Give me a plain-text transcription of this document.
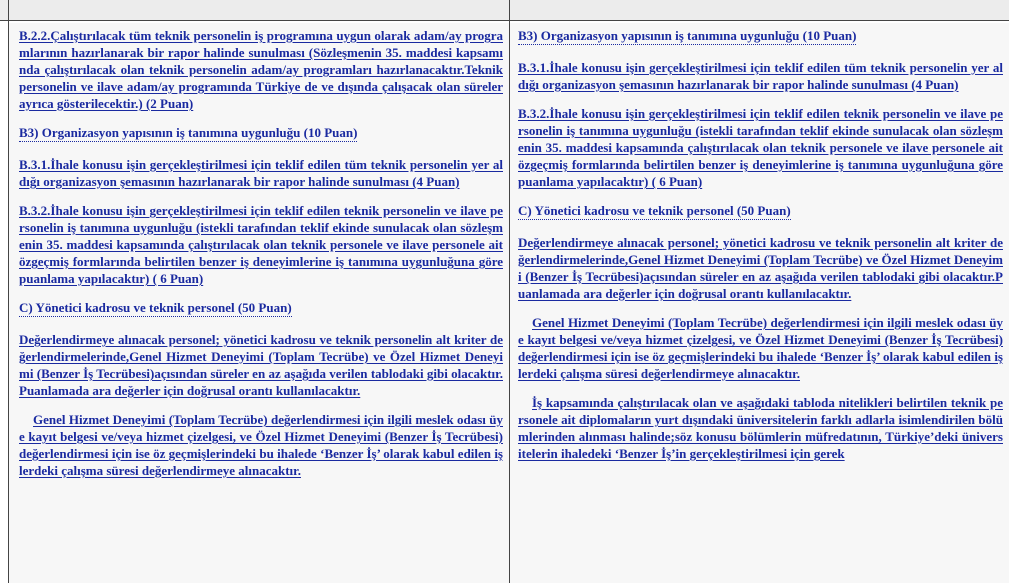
B.2.2.Çalıştırılacak tüm teknik personelin iş programına uygun olarak adam/ay programlarının hazırlanarak bir rapor halinde sunulması (Sözleşmenin 35. maddesi kapsamında çalıştırılacak olan teknik personelin adam/ay programları hazırlanacaktır.Teknik personelin ve ilave adam/ay programında Türkiye de ve dışında çalışacak olan süreler ayrıca gösterilecektir.) (2 Puan)

B3) Organizasyon yapısının iş tanımına uygunluğu (10 Puan)

B.3.1.İhale konusu işin gerçekleştirilmesi için teklif edilen tüm teknik personelin yer aldığı organizasyon şemasının hazırlanarak bir rapor halinde sunulması (4 Puan)

B.3.2.İhale konusu işin gerçekleştirilmesi için teklif edilen teknik personelin ve ilave personelin iş tanımına uygunluğu (istekli tarafından teklif ekinde sunulacak olan sözleşmenin 35. maddesi kapsamında çalıştırılacak olan teknik personele ve ilave personele ait özgeçmiş formlarında belirtilen benzer iş deneyimlerine iş tanımına uygunluğuna göre puanlama yapılacaktır) ( 6 Puan)

C) Yönetici kadrosu ve teknik personel (50 Puan)

Değerlendirmeye alınacak personel; yönetici kadrosu ve teknik personelin alt kriter değerlendirmelerinde,Genel Hizmet Deneyimi (Toplam Tecrübe) ve Özel Hizmet Deneyimi (Benzer İş Tecrübesi)açısından süreler en az aşağıda verilen tablodaki gibi olacaktır.Puanlamada ara değerler için doğrusal orantı kullanılacaktır.

Genel Hizmet Deneyimi (Toplam Tecrübe) değerlendirmesi için ilgili meslek odası üye kayıt belgesi ve/veya hizmet çizelgesi, ve Özel Hizmet Deneyimi (Benzer İş Tecrübesi) değerlendirmesi için ise öz geçmişlerindeki bu ihalede ‘Benzer İş’ olarak kabul edilen işlerdeki çalışma süresi değerlendirmeye alınacaktır.

B3) Organizasyon yapısının iş tanımına uygunluğu (10 Puan)

B.3.1.İhale konusu işin gerçekleştirilmesi için teklif edilen tüm teknik personelin yer aldığı organizasyon şemasının hazırlanarak bir rapor halinde sunulması (4 Puan)

B.3.2.İhale konusu işin gerçekleştirilmesi için teklif edilen teknik personelin ve ilave personelin iş tanımına uygunluğu (istekli tarafından teklif ekinde sunulacak olan sözleşmenin 35. maddesi kapsamında çalıştırılacak olan teknik personele ve ilave personele ait özgeçmiş formlarında belirtilen benzer iş deneyimlerine iş tanımına uygunluğuna göre puanlama yapılacaktır) ( 6 Puan)

C) Yönetici kadrosu ve teknik personel (50 Puan)

Değerlendirmeye alınacak personel; yönetici kadrosu ve teknik personelin alt kriter değerlendirmelerinde,Genel Hizmet Deneyimi (Toplam Tecrübe) ve Özel Hizmet Deneyimi (Benzer İş Tecrübesi)açısından süreler en az aşağıda verilen tablodaki gibi olacaktır.Puanlamada ara değerler için doğrusal orantı kullanılacaktır.

Genel Hizmet Deneyimi (Toplam Tecrübe) değerlendirmesi için ilgili meslek odası üye kayıt belgesi ve/veya hizmet çizelgesi, ve Özel Hizmet Deneyimi (Benzer İş Tecrübesi) değerlendirmesi için ise öz geçmişlerindeki bu ihalede ‘Benzer İş’ olarak kabul edilen işlerdeki çalışma süresi değerlendirmeye alınacaktır.

İş kapsamında çalıştırılacak olan ve aşağıdaki tabloda nitelikleri belirtilen teknik personele ait diplomaların yurt dışındaki üniversitelerin farklı adlarla isimlendirilen bölümlerinden alınması halinde;söz konusu bölümlerin müfredatının, Türkiye’deki üniversitelerin ihaledeki ‘Benzer İş’in gerçekleştirilmesi için gerek
